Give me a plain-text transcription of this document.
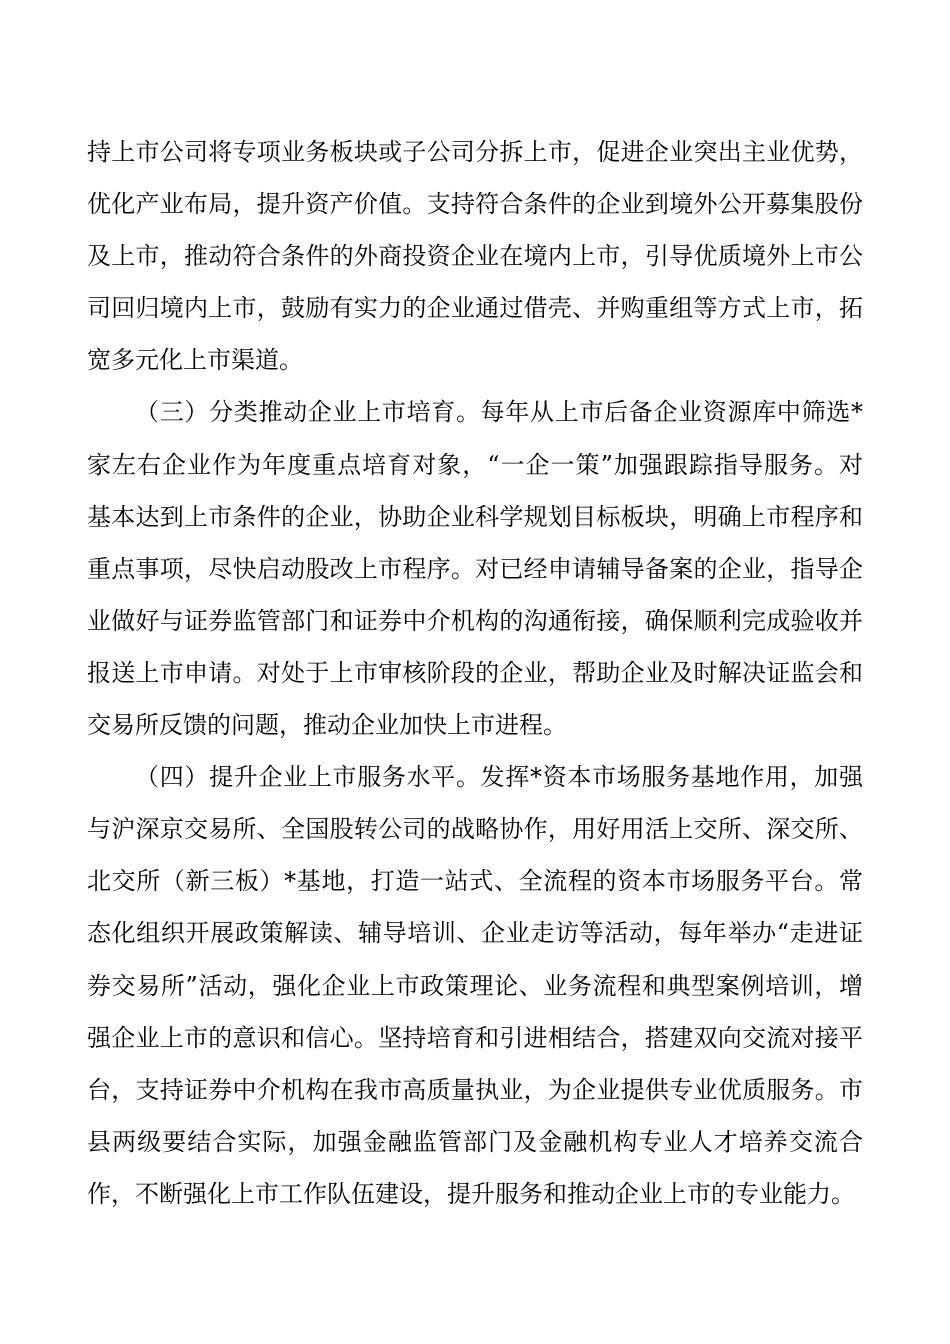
持上市公司将专项业务板块或子公司分拆上市，促进企业突出主业优势，
优化产业布局，提升资产价值。支持符合条件的企业到境外公开募集股份
及上市，推动符合条件的外商投资企业在境内上市，引导优质境外上市公
司回归境内上市，鼓励有实力的企业通过借壳、并购重组等方式上市，拓
宽多元化上市渠道。
（三）分类推动企业上市培育。每年从上市后备企业资源库中筛选*
家左右企业作为年度重点培育对象，“一企一策”加强跟踪指导服务。对
基本达到上市条件的企业，协助企业科学规划目标板块，明确上市程序和
重点事项，尽快启动股改上市程序。对已经申请辅导备案的企业，指导企
业做好与证券监管部门和证券中介机构的沟通衔接，确保顺利完成验收并
报送上市申请。对处于上市审核阶段的企业，帮助企业及时解决证监会和
交易所反馈的问题，推动企业加快上市进程。
（四）提升企业上市服务水平。发挥*资本市场服务基地作用，加强
与沪深京交易所、全国股转公司的战略协作，用好用活上交所、深交所、
北交所（新三板）*基地，打造一站式、全流程的资本市场服务平台。常
态化组织开展政策解读、辅导培训、企业走访等活动，每年举办“走进证
券交易所”活动，强化企业上市政策理论、业务流程和典型案例培训，增
强企业上市的意识和信心。坚持培育和引进相结合，搭建双向交流对接平
台，支持证券中介机构在我市高质量执业，为企业提供专业优质服务。市
县两级要结合实际，加强金融监管部门及金融机构专业人才培养交流合
作，不断强化上市工作队伍建设，提升服务和推动企业上市的专业能力。
